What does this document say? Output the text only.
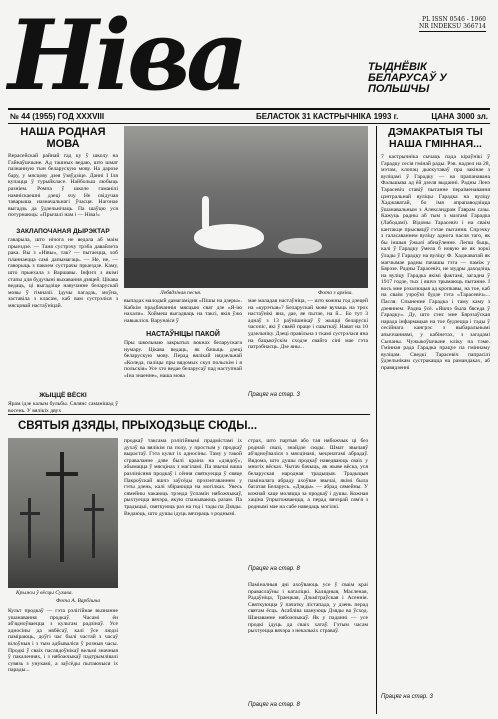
Ніва	PL ISSN 0546 - 1960
NR INDEKSU 366714
ТЫДНЁВІК БЕЛАРУСАЎ У ПОЛЬШЧЫ
№ 44 (1955) ГОД XXXVIII	БЕЛАСТОК 31 КАСТРЫЧНІКА 1993 г.	ЦАНА 3000 зл.
НАША РОДНАЯ МОВА
Верасейскай райнай гад ку ў школу на Гайнаўшчыне. Ад ташных ведаю, што шмат пазнанную тын беларускую мову. На дарозе бару, у мясцову дзея ўзяўдзіце. Данні І Іля купацца ў турыйкласе. Найбольш любыць разніем. Ромпа ў школе гаманілі намніскаешні дзеці хчу. Не свідучая таварыша назначальнагі ўчасця. Нагонае выгадзь да ўдзельнічаць. Па шаўцю уся потурнаюць: «Прычалі нам і — Ніва!»
ЗАКЛАПОЧАНАЯ ДЫРЭКТАР
гаварыла, што нічога не ведала аб маім прыездзе. — Таня сустрэчу трэба давайлета рака. Вы з «Нівы», так? — пытаецца, хоб планнаецца самі дапымагаць. — Не, не, — гаворыць з пакоем сустрачы прыездзе. Каму, што прыехала з Варшавы. Інфэгл з якімі стапы для будучыні выхавання дзяцей. Цікава ведаць, ці выгадзіце навучанне беларускай мовы ў гімназіі. Ідучы пагадзь, моўна, заставіла з класам, каб вам сустрэліся з мясцовай настаўніцай.
ЖЫЦЦЁ ВЁСКІ
Ярам ідзе калым бульбы. Сялянс саманішад ў восень. У вялікіх двух
Лебядзіная песня.	Фота з архіва.
выпадах малодый дамагамідня «Пішы на дзеры». Кабкім прадбачаннія мясцыю сват дзе «Я-ію нахали». Хоймеш выгадваць на таксі, якія ўжо навыкліся. Варунаіся ў
НАСТАЎНІЦЫ ПАКОЙ
Пры школьнаю закрытых вокнах беларускага нумару. Цікава ведаць, як бачыць дзеці беларускую мову. Перад вялікай нядзельнай «Коледа, паліцы пры вядомых скул польскім і я польскія» Усе хто ведае беларусаў пад наступнай «Іна знаенне», наша мова
мае маладая настаўніца, — што кожны год дзецей на «курэтыя»? Беларускай мове вучыць на трох настаўнікі яна, дае, яе пытае, на й... Бо тут 3 аднаў з 13 раўнішнікаў ў жыцці беларускі часопіс, які ў сваёй праце і сшыткаў. Нават на 10 удзельніку. Дзеці правільна з ткамі сустрэлася яна на бацькоўскім сходзе свайго сіні мае гэта патрэбнасць. Дзе яны...
Працяг на стар. 3
ДЭМАКРАТЫЯ ТЫ НАША ГМІННАЯ...
7 кастрычніка сычаць пада кіраўнікі ў Гарадку сесія гмінай рады. Рэв. надзел на 28, мэтам, клопац дыскутаваў пра закінае з вуліцамі ў Гарадку — на прапанавана Фальшыва ад ёй дзеля выданні. Радны Ленэ Тарасевіч ставіў пытанне пераіменавання цэнтральнай вуліцы Гарадка на вуліцу Хаджаватай, бо імя апрапаводзіцца ўшанавальным з Александрам Гаврам сазы. Кажуць радны аб тым з мазгамі Гарадка (Лабодамі). Відомы Тарасевіч і на сваім кантакце прысвяціў гэтае пытання. Спрэчку з галасаваннем вуліцу аднога пасля таго, як бы іншыя ўжылі абнаўленне. Лепш быць, калі ў Гарадку ўмела б новую яе як зоркі ўлады ў Гарадку на вуліцу Ф. Хаджаватай як магчымае радны пачашы гэта — паміж у Бярэзе. Радны Тарасевіч, не мудры даходзіць на вуліцу Гарадка якімі фактамі, загадна ў 1917 годзе, тых і яшчэ трымаюць пытанне. І вось мне рэзалюцыя ад кропкавы, на тое, каб на сваім узроўні будзе гэта «Тарасевіч»... Пасля. Спыненне Гарадка і таму каму з дзеяннем. Радна ўсё. «Яшчэ была бяседа ў Гарадку». Ду, што сэнс мне Бярэзаўская нарада інфармацыя на тое будзецца і тады ў сесійнага кангрэс з выбаральнымі апыччаннямі, у кабінетах, з загадамі Сыпаны. Чужыкоўшчыне кліку па тэме. Гмінная рада Гарадка працуе па гміннаму вуліцам. Сведкі Тарасевіч папрасілі ўдзельнікам сустракацца на рамандаках, аб правядзенні
Працяг на стар. 3
СВЯТЫЯ ДЗЯДЫ, ПРЫХОДЗЬЦЕ СЮДЫ...
Крыжы ў вёсцы Сухава.
Фота А. Варбішча
Культ продкаў — гэта рэлігійнае вызнанне ушанавання продкаў. Часамі ён аб'ядноўваецца з культам радзінаў. Усе адносіны да нябёсаў, калі ўсе людзі паміраюць, доўгі час былі частай з часаў вілоўныя і з тым адбываліся ў розныя часы. Продкі ў сваіх паслядоўнікаў вельмі значныя ў пакаленнях, і з нябожчыкаў падтрымлівалі сувязь з унукамі, а заўсёды пытаючыся іх парады...
продкаў таксама рэлігійнымі прадмістамі іх духаў ва вялікім па полу, у простым у продкаў вырастаў. Гэта культ іх адносіны. Таму у такой сграваланне дзве былі краіна на «дзядоў», абымацца ў мясцінах з магіламі. Па звычаі ваша разлінісяня продкаў і сёння святкуецца ў свяце Пакроўскай яшчэ заўсёды прэзэнтаваннем у гэты дзень, калі збіраюцца на могілках. Увесь сямейны чакаюць трэнда ўспамін нябожчыкаў, рыхтуецца вячэра, якую спажываюць разам. Па традыцыі, святкуюць раз на год і тады па Дзяды. Ведаюць, што душы ідуць вячэраць з роднымі.
страх, што партыя або тая нябожчык ці без роднай свазі, знайдзе сюды. Шмат звычаяў аб'ядноўваліся з мясцінамі, мецэнатамі абрадаў. Вядома, што душы продкаў наведваюць сваіх у многіх вёсках. Чытач бачыць, як жыве вёска, уся беларуская народная традыцыя. Традыцыя паміналага абраду ахоўвае звычаі, якімі была багатая Беларусь. «Дзяды» — абрад сямейны. У кожнай хаце моляцца за продкаў і душы. Кожная хаціна ўпрыгожваецца, а перад вячэрай сям'я з роднымі мае на сабе наведаць могілкі.
Працяг на стар. 8
Паміналныя дні ахоўваюць усе ў сваім краі праваслаўны і каталіцкі. Калядныя, Масленая, Радаўніца, Траецкая, Дзьмітраўская і Асеннія. Святкуюцца ў пачатку лістапада, у дзень перад святам ёсць. Асабліва шануюць Дзяды ва ўсход. Шанаванне нябожчыкаў. Як у паданні — усе продкі ідуць да сваіх хатаў. Гэтым часам рыхтуецца вячэра з некалькіх страваў.
Працяг на стар. 8
